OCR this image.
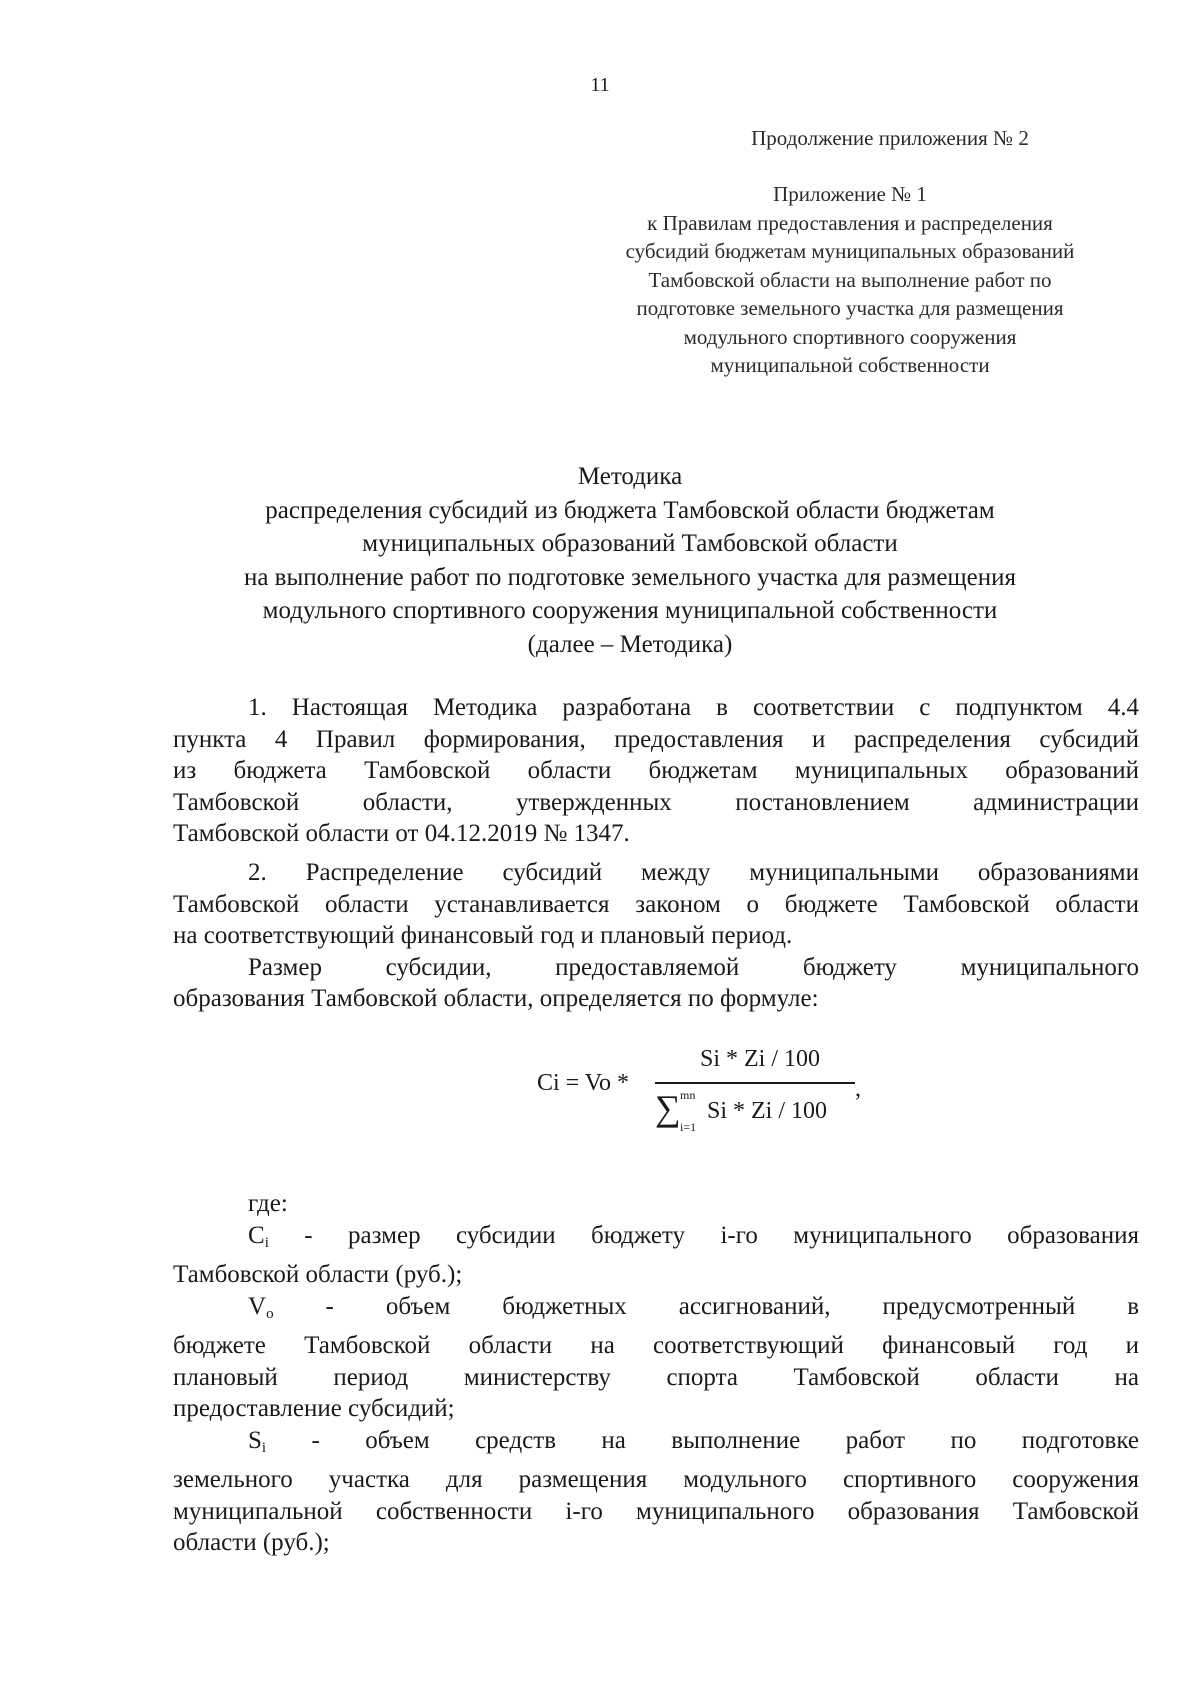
11
Продолжение приложения № 2
Приложение № 1
к Правилам предоставления и распределения
субсидий бюджетам муниципальных образований
Тамбовской области на выполнение работ по
подготовке земельного участка для размещения
модульного спортивного сооружения
муниципальной собственности
Методика
распределения субсидий из бюджета Тамбовской области бюджетам
муниципальных образований Тамбовской области
на выполнение работ по подготовке земельного участка для размещения
модульного спортивного сооружения муниципальной собственности
(далее – Методика)
1. Настоящая Методика разработана в соответствии с подпунктом 4.4
пункта 4 Правил формирования, предоставления и распределения субсидий
из бюджета Тамбовской области бюджетам муниципальных образований
Тамбовской области, утвержденных постановлением администрации
Тамбовской области от 04.12.2019 № 1347.
2. Распределение субсидий между муниципальными образованиями
Тамбовской области устанавливается законом о бюджете Тамбовской области
на соответствующий финансовый год и плановый период.
Размер субсидии, предоставляемой бюджету муниципального
образования Тамбовской области, определяется по формуле:
Ci = Vo *
Si * Zi / 100
∑ mn
i=1
Si * Zi / 100
,
где:
$C_i$ - размер субсидии бюджету i-го муниципального образования
Тамбовской области (руб.);
$V_o$ - объем бюджетных ассигнований, предусмотренный в
бюджете Тамбовской области на соответствующий финансовый год и
плановый период министерству спорта Тамбовской области на
предоставление субсидий;
$S_i$ - объем средств на выполнение работ по подготовке
земельного участка для размещения модульного спортивного сооружения
муниципальной собственности i-го муниципального образования Тамбовской
области (руб.);
